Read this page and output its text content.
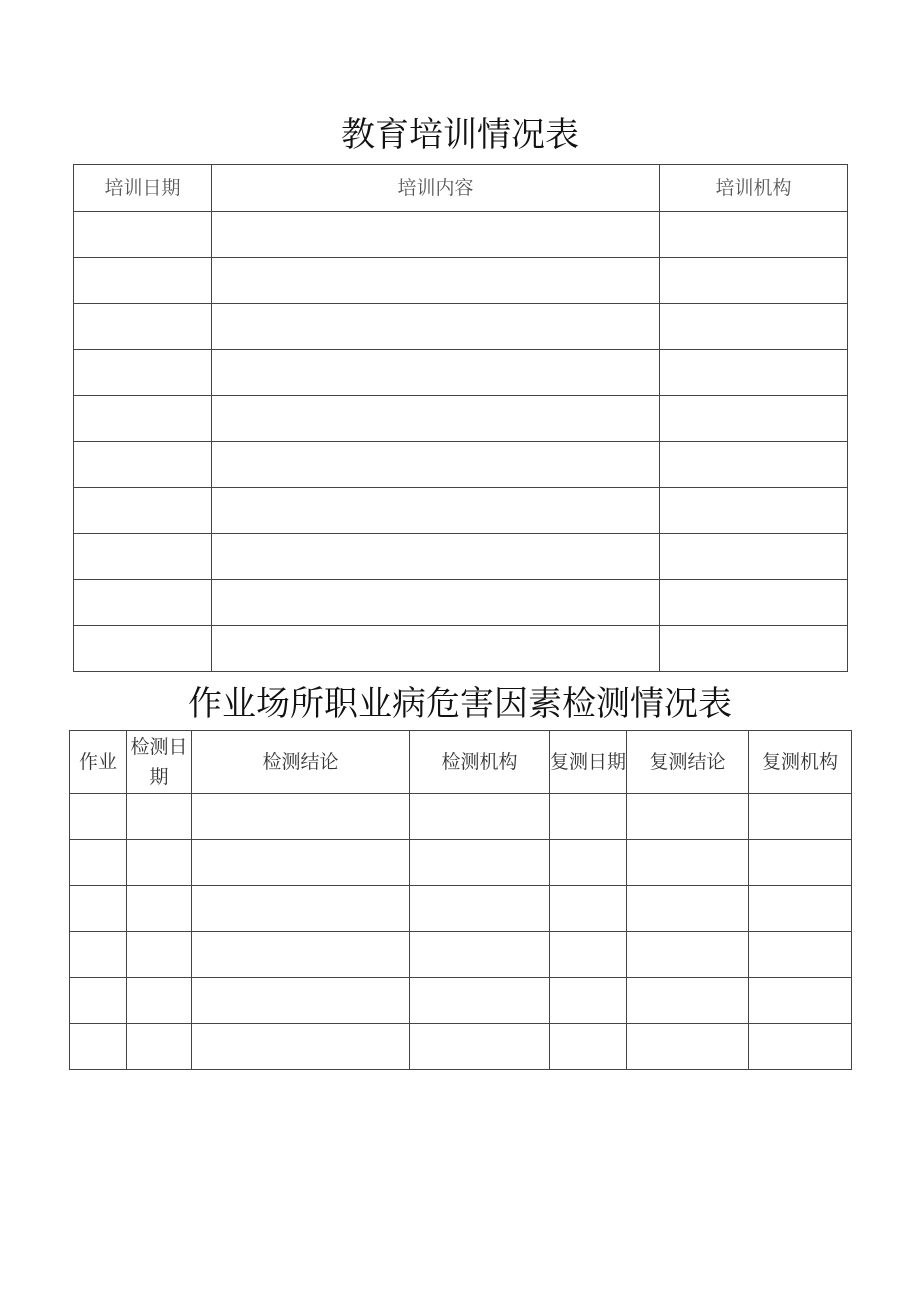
教育培训情况表
培训日期	培训内容	培训机构

作业场所职业病危害因素检测情况表
作业	检测日期	检测结论	检测机构	复测日期	复测结论	复测机构
